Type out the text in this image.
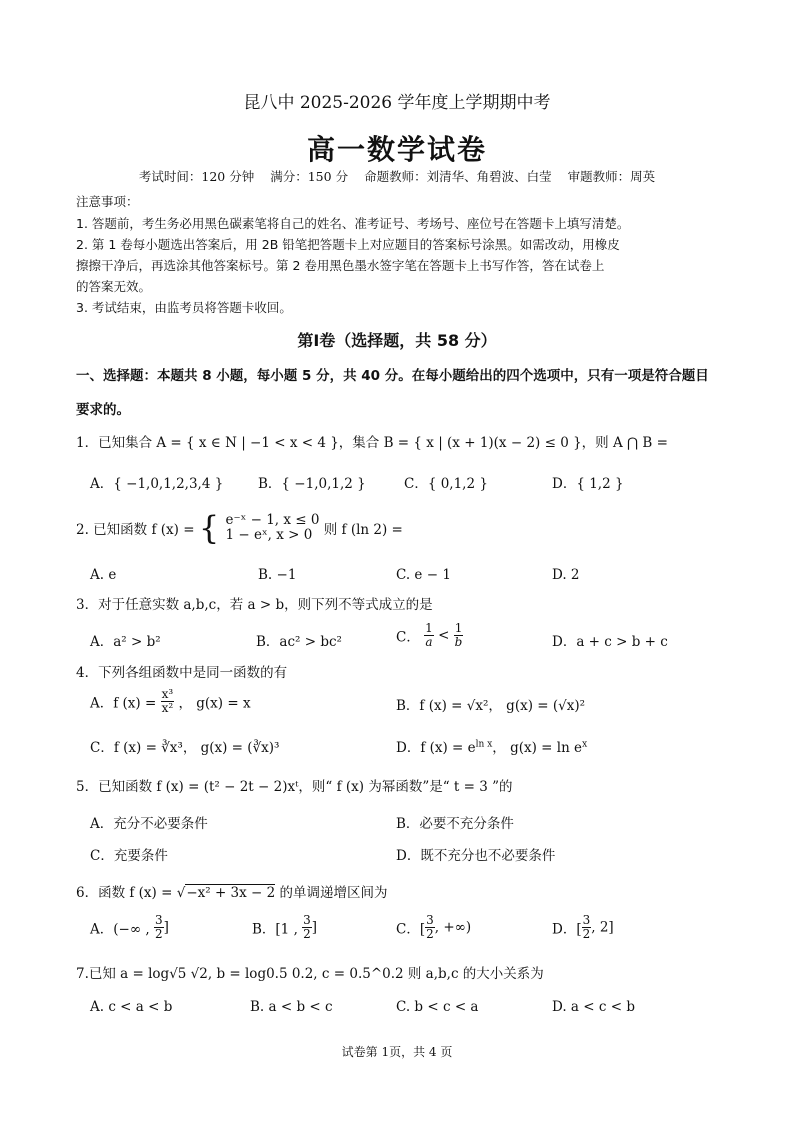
昆八中 2025-2026 学年度上学期期中考
高一数学试卷
考试时间：120 分钟 满分：150 分 命题教师：刘清华、角碧波、白莹 审题教师：周英
注意事项：
1. 答题前，考生务必用黑色碳素笔将自己的姓名、准考证号、考场号、座位号在答题卡上填写清楚。
2. 第 1 卷每小题选出答案后，用 2B 铅笔把答题卡上对应题目的答案标号涂黑。如需改动，用橡皮
擦擦干净后，再选涂其他答案标号。第 2 卷用黑色墨水签字笔在答题卡上书写作答，答在试卷上
的答案无效。
3. 考试结束，由监考员将答题卡收回。
第Ⅰ卷（选择题，共 58 分）
一、选择题：本题共 8 小题，每小题 5 分，共 40 分。在每小题给出的四个选项中，只有一项是符合题目
要求的。
1．已知集合 A = { x ∈ N | −1 < x < 4 }，集合 B = { x | (x + 1)(x − 2) ≤ 0 }，则 A ⋂ B =
A．{ −1,0,1,2,3,4 }	B．{ −1,0,1,2 }	C．{ 0,1,2 }	D．{ 1,2 }
2. 已知函数 f (x) = { e⁻ˣ − 1, x ≤ 0
1 − eˣ, x > 0 则 f (ln 2) =
A. e	B. −1	C. e − 1	D. 2
3．对于任意实数 a,b,c，若 a > b，则下列不等式成立的是
A．a² > b²	B．ac² > bc²	C． $\frac{1}{a} < \frac{1}{b}$	D．a + c > b + c
4．下列各组函数中是同一函数的有
A．f $(x) = \frac{\text{x³}}{\text{x²}}$ ， g(x) = x	B．f (x) = √x²， g(x) = (√x)²
C．f (x) = ∛x³， g(x) = (∛x)³	D．f $(x) = e^{ln x}$， $g(x) = \ln e^x$
5．已知函数 f (x) = (t² − 2t − 2)xᵗ，则“ f (x) 为幂函数”是“ t = 3 ”的
A．充分不必要条件	B．必要不充分条件
C．充要条件	D．既不充分也不必要条件
6．函数 f (x) = √−x² + 3x − 2 的单调递增区间为
A．(−∞ , $\frac{3}{2}$ ]	B．[1 , $\frac{3}{2}$ ]	C．[ $\frac{3}{2}$ , +∞)	D．[ $\frac{3}{2}$ , 2]
7.已知 a = log√5 √2, b = log0.5 0.2, c = 0.5^0.2 则 a,b,c 的大小关系为
A. c < a < b	B. a < b < c	C. b < c < a	D. a < c < b
试卷第 1页，共 4 页
